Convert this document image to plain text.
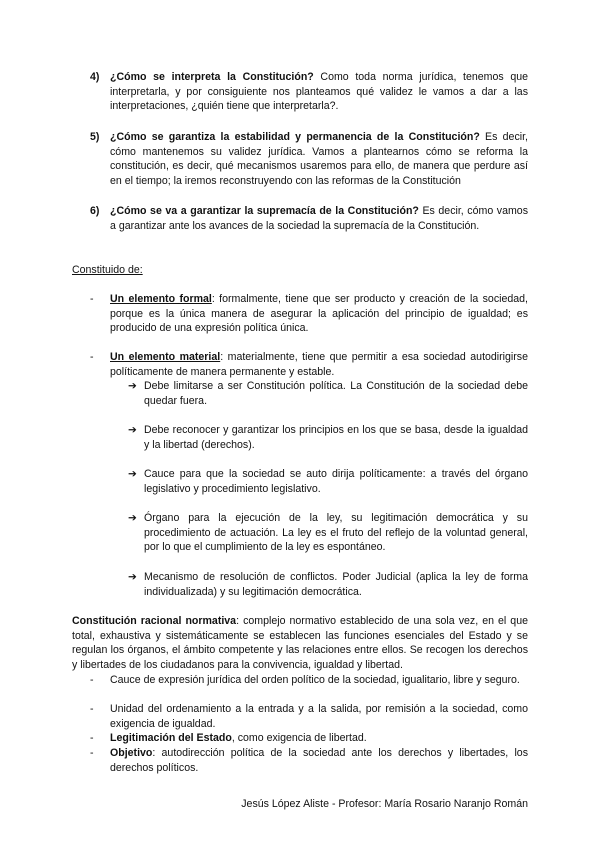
4) ¿Cómo se interpreta la Constitución? Como toda norma jurídica, tenemos que interpretarla, y por consiguiente nos planteamos qué validez le vamos a dar a las interpretaciones, ¿quién tiene que interpretarla?.
5) ¿Cómo se garantiza la estabilidad y permanencia de la Constitución? Es decir, cómo mantenemos su validez jurídica. Vamos a plantearnos cómo se reforma la constitución, es decir, qué mecanismos usaremos para ello, de manera que perdure así en el tiempo; la iremos reconstruyendo con las reformas de la Constitución
6) ¿Cómo se va a garantizar la supremacía de la Constitución? Es decir, cómo vamos a garantizar ante los avances de la sociedad la supremacía de la Constitución.
Constituido de:
- Un elemento formal: formalmente, tiene que ser producto y creación de la sociedad, porque es la única manera de asegurar la aplicación del principio de igualdad; es producido de una expresión política única.
- Un elemento material: materialmente, tiene que permitir a esa sociedad autodirigirse políticamente de manera permanente y estable.
➔ Debe limitarse a ser Constitución política. La Constitución de la sociedad debe quedar fuera.
➔ Debe reconocer y garantizar los principios en los que se basa, desde la igualdad y la libertad (derechos).
➔ Cauce para que la sociedad se auto dirija políticamente: a través del órgano legislativo y procedimiento legislativo.
➔ Órgano para la ejecución de la ley, su legitimación democrática y su procedimiento de actuación. La ley es el fruto del reflejo de la voluntad general, por lo que el cumplimiento de la ley es espontáneo.
➔ Mecanismo de resolución de conflictos. Poder Judicial (aplica la ley de forma individualizada) y su legitimación democrática.
Constitución racional normativa: complejo normativo establecido de una sola vez, en el que total, exhaustiva y sistemáticamente se establecen las funciones esenciales del Estado y se regulan los órganos, el ámbito competente y las relaciones entre ellos. Se recogen los derechos y libertades de los ciudadanos para la convivencia, igualdad y libertad.
- Cauce de expresión jurídica del orden político de la sociedad, igualitario, libre y seguro.
- Unidad del ordenamiento a la entrada y a la salida, por remisión a la sociedad, como exigencia de igualdad.
- Legitimación del Estado, como exigencia de libertad.
- Objetivo: autodirección política de la sociedad ante los derechos y libertades, los derechos políticos.
Jesús López Aliste - Profesor: María Rosario Naranjo Román
